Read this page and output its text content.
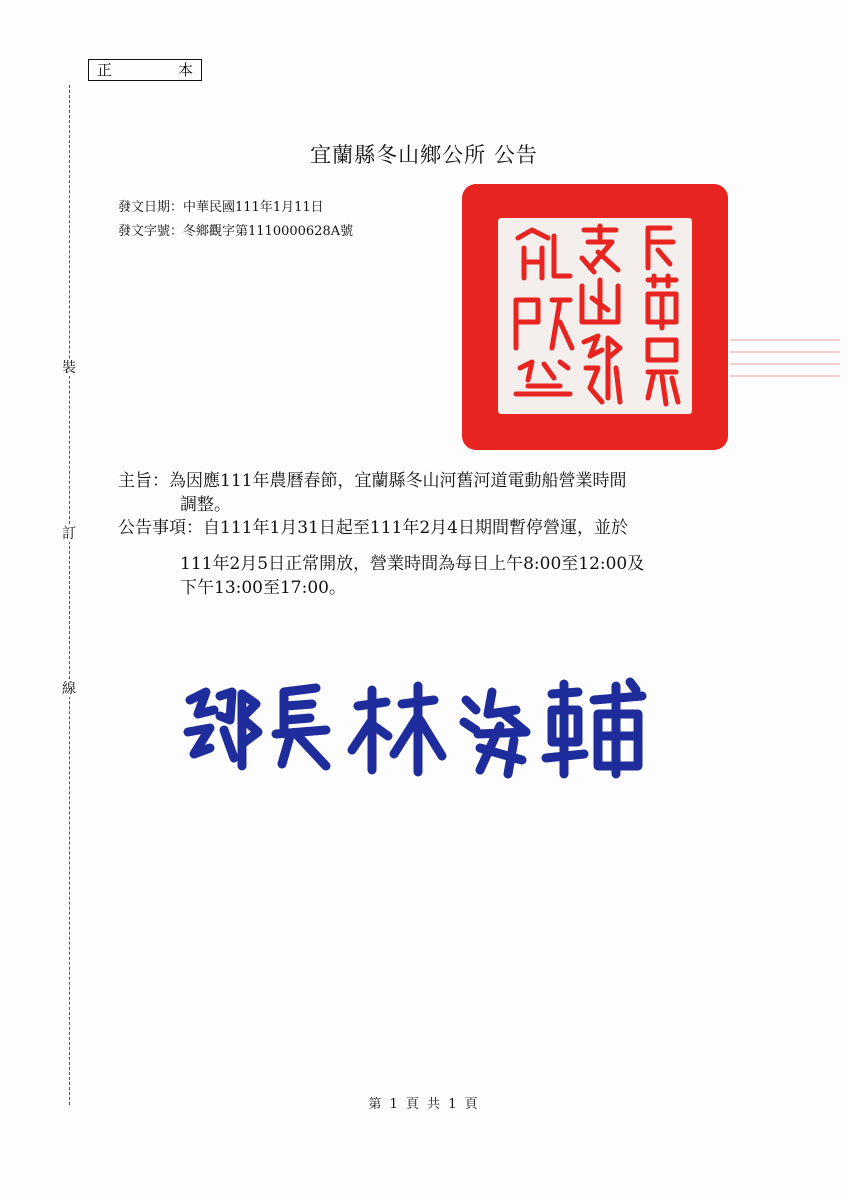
正	本
裝
訂
線
宜蘭縣冬山鄉公所 公告
發文日期：中華民國111年1月11日
發文字號：冬鄉觀字第1110000628A號
主旨：為因應111年農曆春節，宜蘭縣冬山河舊河道電動船營業時間
調整。
公告事項：自111年1月31日起至111年2月4日期間暫停營運，並於
111年2月5日正常開放，營業時間為每日上午8:00至12:00及
下午13:00至17:00。
第 1 頁 共 1 頁
